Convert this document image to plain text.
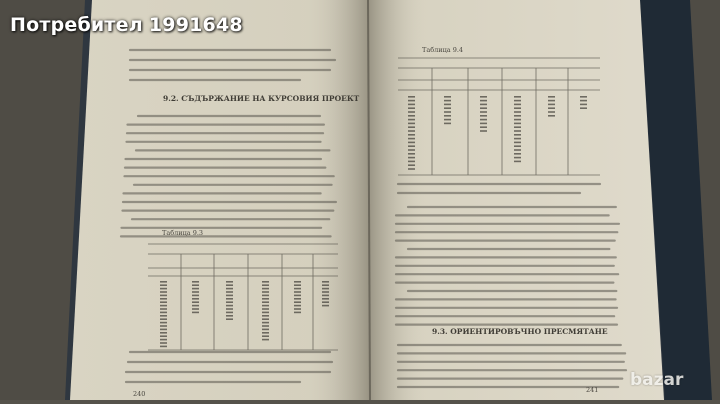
9.2. СЪДЪРЖАНИЕ НА КУРСОВИЯ ПРОЕКТ
Таблица 9.3
Таблица 9.4
9.3. ОРИЕНТИРОВЪЧНО ПРЕСМЯТАНЕ
240	241
Потребител 1991648
bazar
